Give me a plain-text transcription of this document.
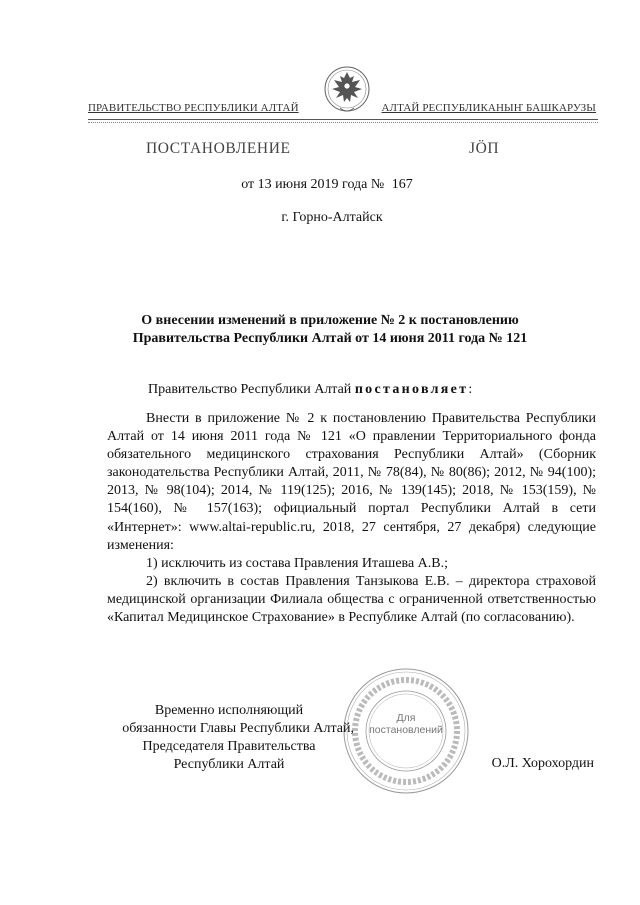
ПРАВИТЕЛЬСТВО РЕСПУБЛИКИ АЛТАЙ	АЛТАЙ РЕСПУБЛИКАНЫҤ БАШКАРУЗЫ
ПОСТАНОВЛЕНИЕ	ЈӦП
от 13 июня 2019 года № 167
г. Горно-Алтайск
О внесении изменений в приложение № 2 к постановлению
Правительства Республики Алтай от 14 июня 2011 года № 121
Правительство Республики Алтай постановляет:

Внести в приложение № 2 к постановлению Правительства Республики Алтай от 14 июня 2011 года № 121 «О правлении Территориального фонда обязательного медицинского страхования Республики Алтай» (Сборник законодательства Республики Алтай, 2011, № 78(84), № 80(86); 2012, № 94(100); 2013, № 98(104); 2014, № 119(125); 2016, № 139(145); 2018, № 153(159), № 154(160), № 157(163); официальный портал Республики Алтай в сети «Интернет»: www.altai-republic.ru, 2018, 27 сентября, 27 декабря) следующие изменения:

1) исключить из состава Правления Иташева А.В.;

2) включить в состав Правления Танзыкова Е.В. – директора страховой медицинской организации Филиала общества с ограниченной ответственностью «Капитал Медицинское Страхование» в Республике Алтай (по согласованию).

Для
постановлений
Временно исполняющий
обязанности Главы Республики Алтай,
Председателя Правительства
Республики Алтай	О.Л. Хорохордин
